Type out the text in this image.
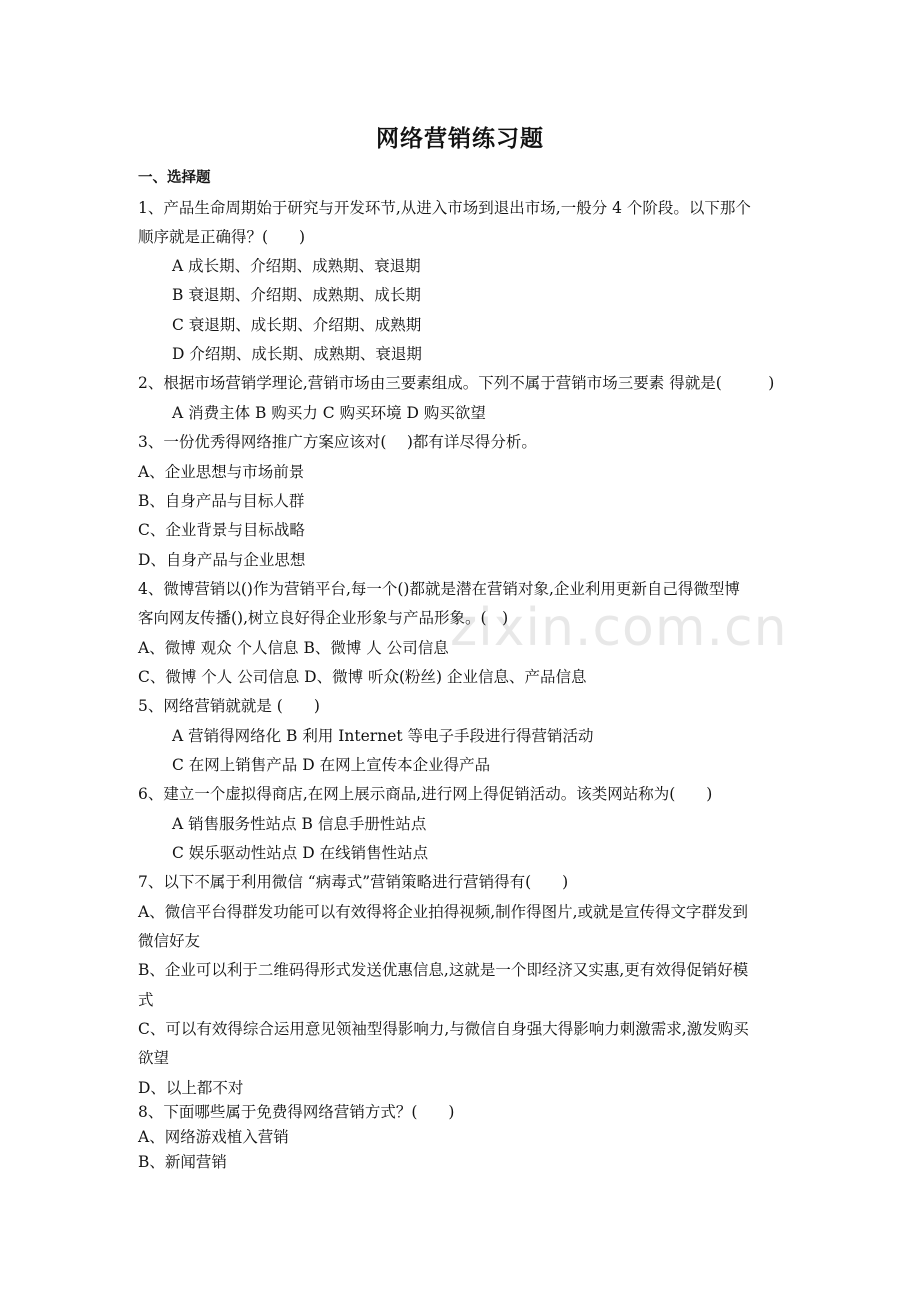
zixin.com.cn
网络营销练习题
一、选择题
1、产品生命周期始于研究与开发环节,从进入市场到退出市场,一般分 4 个阶段。以下那个
顺序就是正确得？(　　)
A 成长期、介绍期、成熟期、衰退期
B 衰退期、介绍期、成熟期、成长期
C 衰退期、成长期、介绍期、成熟期
D 介绍期、成长期、成熟期、衰退期
2、根据市场营销学理论,营销市场由三要素组成。下列不属于营销市场三要素 得就是(　　　)
A 消费主体 B 购买力 C 购买环境 D 购买欲望
3、一份优秀得网络推广方案应该对(　 )都有详尽得分析。
A、企业思想与市场前景
B、自身产品与目标人群
C、企业背景与目标战略
D、自身产品与企业思想
4、微博营销以()作为营销平台,每一个()都就是潜在营销对象,企业利用更新自己得微型博
客向网友传播(),树立良好得企业形象与产品形象。(　)
A、微博 观众 个人信息 B、微博 人 公司信息
C、微博 个人 公司信息 D、微博 听众(粉丝) 企业信息、产品信息
5、网络营销就就是 (　　)
A 营销得网络化 B 利用 Internet 等电子手段进行得营销活动
C 在网上销售产品 D 在网上宣传本企业得产品
6、建立一个虚拟得商店,在网上展示商品,进行网上得促销活动。该类网站称为(　　)
A 销售服务性站点 B 信息手册性站点
C 娱乐驱动性站点 D 在线销售性站点
7、以下不属于利用微信 “病毒式”营销策略进行营销得有(　　)
A、微信平台得群发功能可以有效得将企业拍得视频,制作得图片,或就是宣传得文字群发到
微信好友
B、企业可以利于二维码得形式发送优惠信息,这就是一个即经济又实惠,更有效得促销好模
式
C、可以有效得综合运用意见领袖型得影响力,与微信自身强大得影响力刺激需求,激发购买
欲望
D、以上都不对
8、下面哪些属于免费得网络营销方式？(　　)
A、网络游戏植入营销
B、新闻营销
